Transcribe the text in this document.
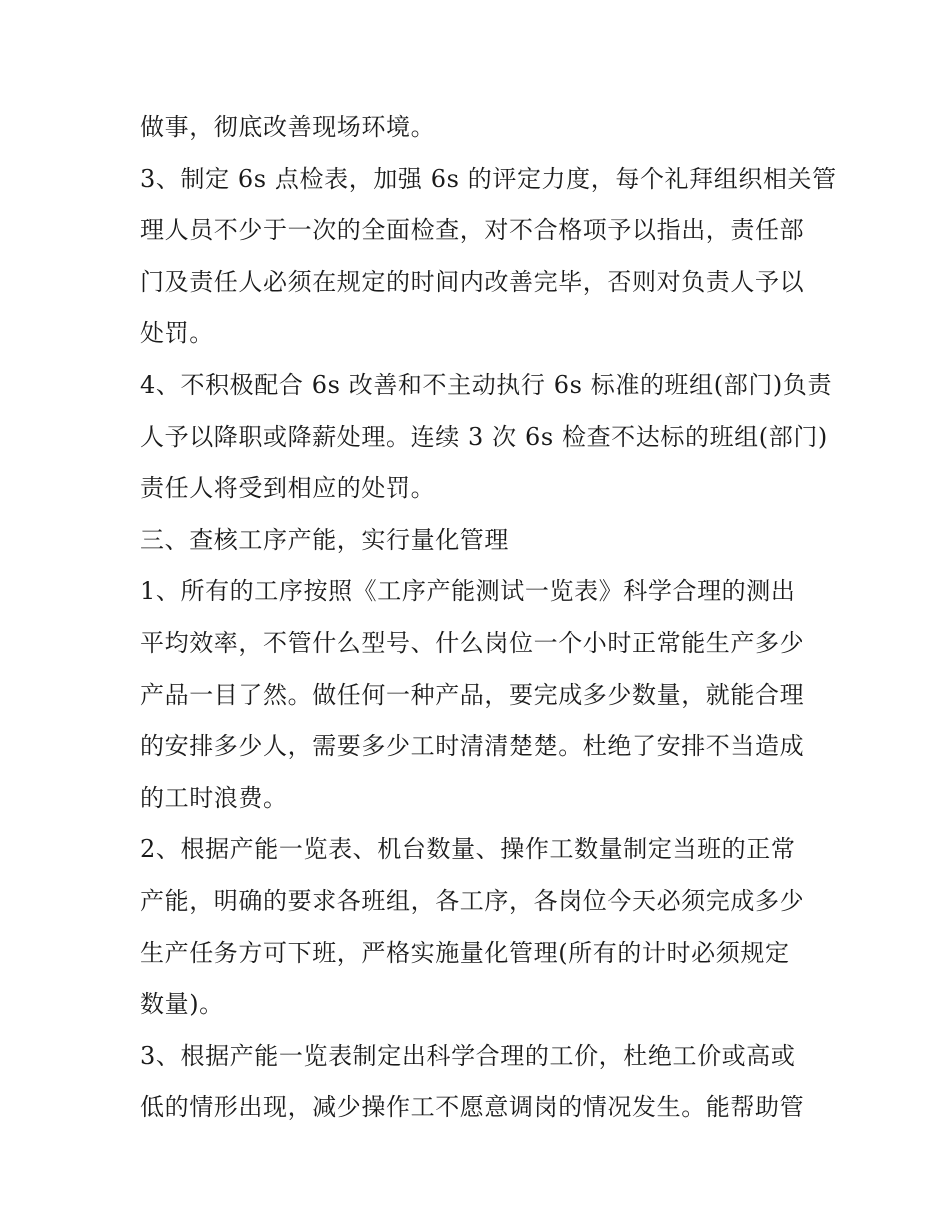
做事，彻底改善现场环境。
3、制定 6s 点检表，加强 6s 的评定力度，每个礼拜组织相关管
理人员不少于一次的全面检查，对不合格项予以指出，责任部
门及责任人必须在规定的时间内改善完毕，否则对负责人予以
处罚。
4、不积极配合 6s 改善和不主动执行 6s 标准的班组(部门)负责
人予以降职或降薪处理。连续 3 次 6s 检查不达标的班组(部门)
责任人将受到相应的处罚。
三、查核工序产能，实行量化管理
1、所有的工序按照《工序产能测试一览表》科学合理的测出
平均效率，不管什么型号、什么岗位一个小时正常能生产多少
产品一目了然。做任何一种产品，要完成多少数量，就能合理
的安排多少人，需要多少工时清清楚楚。杜绝了安排不当造成
的工时浪费。
2、根据产能一览表、机台数量、操作工数量制定当班的正常
产能，明确的要求各班组，各工序，各岗位今天必须完成多少
生产任务方可下班，严格实施量化管理(所有的计时必须规定
数量)。
3、根据产能一览表制定出科学合理的工价，杜绝工价或高或
低的情形出现，减少操作工不愿意调岗的情况发生。能帮助管
